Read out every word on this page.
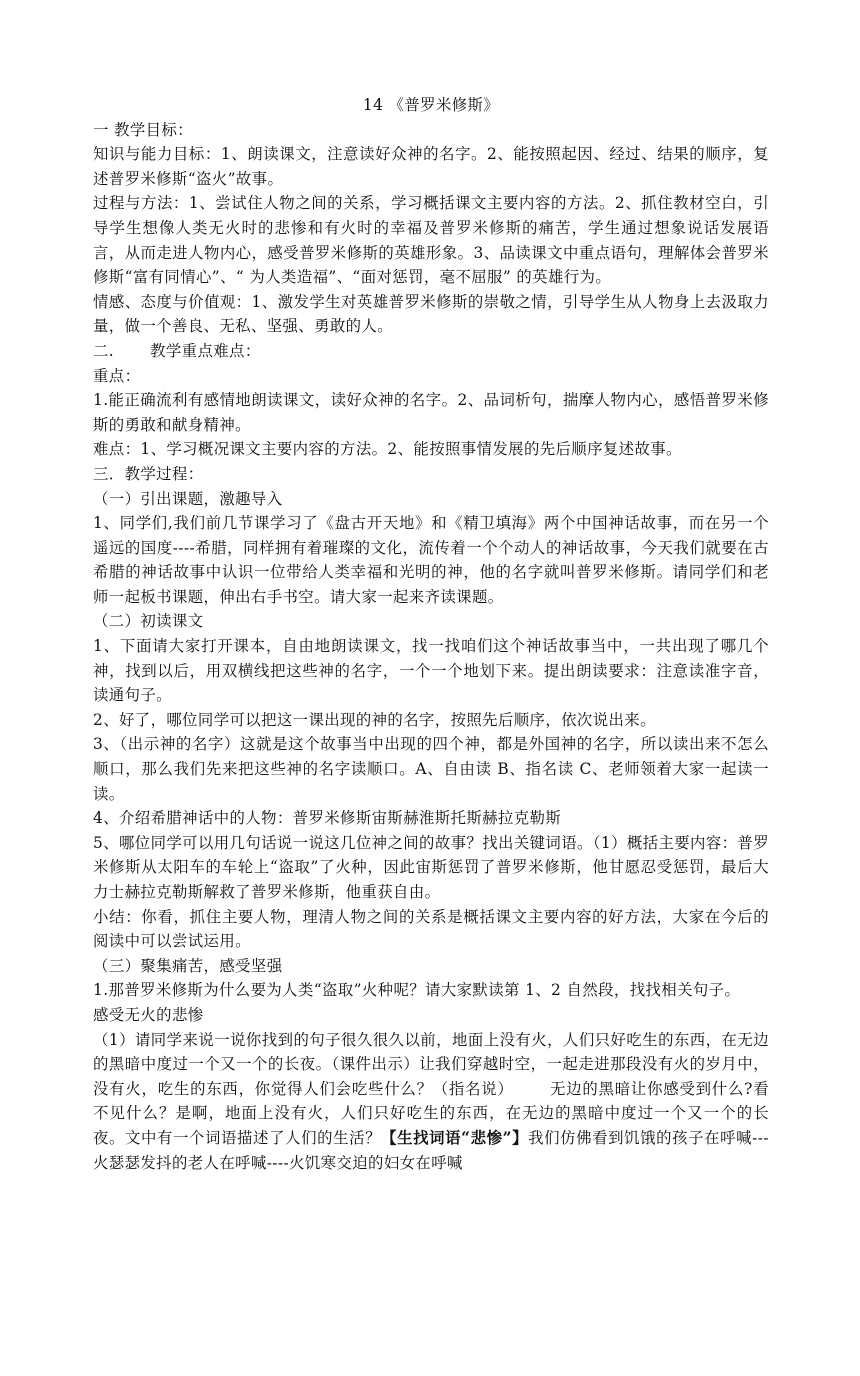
14 《普罗米修斯》

一 教学目标：

知识与能力目标：1、朗读课文，注意读好众神的名字。2、能按照起因、经过、结果的顺序，复述普罗米修斯“盗火”故事。

过程与方法：1、尝试住人物之间的关系，学习概括课文主要内容的方法。2、抓住教材空白，引导学生想像人类无火时的悲惨和有火时的幸福及普罗米修斯的痛苦，学生通过想象说话发展语言，从而走进人物内心，感受普罗米修斯的英雄形象。3、品读课文中重点语句，理解体会普罗米修斯“富有同情心”、“ 为人类造福”、“面对惩罚，毫不屈服” 的英雄行为。

情感、态度与价值观：1、激发学生对英雄普罗米修斯的崇敬之情，引导学生从人物身上去汲取力量，做一个善良、无私、坚强、勇敢的人。

二. 教学重点难点：

重点：

1.能正确流利有感情地朗读课文，读好众神的名字。2、品词析句，揣摩人物内心，感悟普罗米修斯的勇敢和献身精神。

难点：1、学习概况课文主要内容的方法。2、能按照事情发展的先后顺序复述故事。

三．教学过程：

（一）引出课题，激趣导入

1、同学们,我们前几节课学习了《盘古开天地》和《精卫填海》两个中国神话故事，而在另一个遥远的国度----希腊，同样拥有着璀璨的文化，流传着一个个动人的神话故事，今天我们就要在古希腊的神话故事中认识一位带给人类幸福和光明的神，他的名字就叫普罗米修斯。请同学们和老师一起板书课题，伸出右手书空。请大家一起来齐读课题。

（二）初读课文

1、下面请大家打开课本，自由地朗读课文，找一找咱们这个神话故事当中，一共出现了哪几个神，找到以后，用双横线把这些神的名字，一个一个地划下来。提出朗读要求：注意读准字音，读通句子。

2、好了，哪位同学可以把这一课出现的神的名字，按照先后顺序，依次说出来。

3、（出示神的名字）这就是这个故事当中出现的四个神，都是外国神的名字，所以读出来不怎么顺口，那么我们先来把这些神的名字读顺口。A、自由读 B、指名读 C、老师领着大家一起读一读。

4、介绍希腊神话中的人物：普罗米修斯宙斯赫淮斯托斯赫拉克勒斯

5、哪位同学可以用几句话说一说这几位神之间的故事？找出关键词语。（1）概括主要内容：普罗米修斯从太阳车的车轮上“盗取”了火种，因此宙斯惩罚了普罗米修斯，他甘愿忍受惩罚，最后大力士赫拉克勒斯解救了普罗米修斯，他重获自由。

小结：你看，抓住主要人物，理清人物之间的关系是概括课文主要内容的好方法，大家在今后的阅读中可以尝试运用。

（三）聚集痛苦，感受坚强

1.那普罗米修斯为什么要为人类“盗取”火种呢？请大家默读第 1、2 自然段，找找相关句子。

感受无火的悲惨

（1）请同学来说一说你找到的句子很久很久以前，地面上没有火，人们只好吃生的东西，在无边的黑暗中度过一个又一个的长夜。（课件出示）让我们穿越时空，一起走进那段没有火的岁月中，没有火，吃生的东西，你觉得人们会吃些什么？（指名说） 无边的黑暗让你感受到什么?看不见什么？是啊，地面上没有火，人们只好吃生的东西，在无边的黑暗中度过一个又一个的长夜。文中有一个词语描述了人们的生活？【生找词语“悲惨”】我们仿佛看到饥饿的孩子在呼喊---火瑟瑟发抖的老人在呼喊----火饥寒交迫的妇女在呼喊
